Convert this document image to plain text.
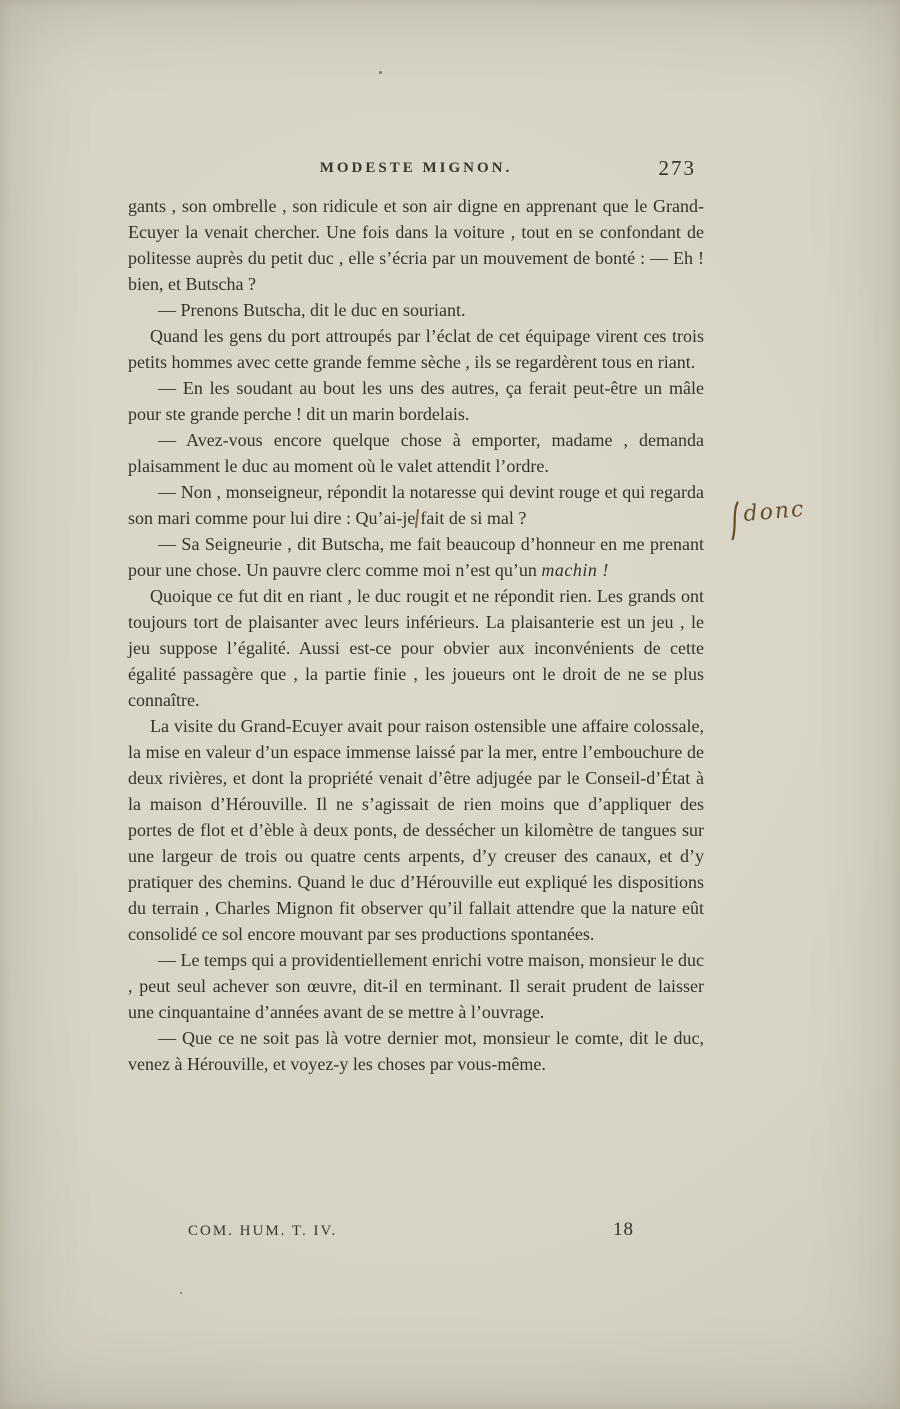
MODESTE MIGNON.	273

gants , son ombrelle , son ridicule et son air digne en apprenant que le Grand-Ecuyer la venait chercher. Une fois dans la voiture , tout en se confondant de politesse auprès du petit duc , elle s’écria par un mouvement de bonté : — Eh ! bien, et Butscha ?

— Prenons Butscha, dit le duc en souriant.

Quand les gens du port attroupés par l’éclat de cet équipage virent ces trois petits hommes avec cette grande femme sèche , ils se regardèrent tous en riant.

— En les soudant au bout les uns des autres, ça ferait peut-être un mâle pour ste grande perche ! dit un marin bordelais.

— Avez-vous encore quelque chose à emporter, madame , demanda plaisamment le duc au moment où le valet attendit l’ordre.

— Non , monseigneur, répondit la notaresse qui devint rouge et qui regarda son mari comme pour lui dire : Qu’ai-je fait de si mal ?

— Sa Seigneurie , dit Butscha, me fait beaucoup d’honneur en me prenant pour une chose. Un pauvre clerc comme moi n’est qu’un machin !

Quoique ce fut dit en riant , le duc rougit et ne répondit rien. Les grands ont toujours tort de plaisanter avec leurs inférieurs. La plaisanterie est un jeu , le jeu suppose l’égalité. Aussi est-ce pour obvier aux inconvénients de cette égalité passagère que , la partie finie , les joueurs ont le droit de ne se plus connaître.

La visite du Grand-Ecuyer avait pour raison ostensible une affaire colossale, la mise en valeur d’un espace immense laissé par la mer, entre l’embouchure de deux rivières, et dont la propriété venait d’être adjugée par le Conseil-d’État à la maison d’Hérouville. Il ne s’agissait de rien moins que d’appliquer des portes de flot et d’èble à deux ponts, de dessécher un kilomètre de tangues sur une largeur de trois ou quatre cents arpents, d’y creuser des canaux, et d’y pratiquer des chemins. Quand le duc d’Hérouville eut expliqué les dispositions du terrain , Charles Mignon fit observer qu’il fallait attendre que la nature eût consolidé ce sol encore mouvant par ses productions spontanées.

— Le temps qui a providentiellement enrichi votre maison, monsieur le duc , peut seul achever son œuvre, dit-il en terminant. Il serait prudent de laisser une cinquantaine d’années avant de se mettre à l’ouvrage.

— Que ce ne soit pas là votre dernier mot, monsieur le comte, dit le duc, venez à Hérouville, et voyez-y les choses par vous-même.

COM. HUM. T. IV.	18
donc
